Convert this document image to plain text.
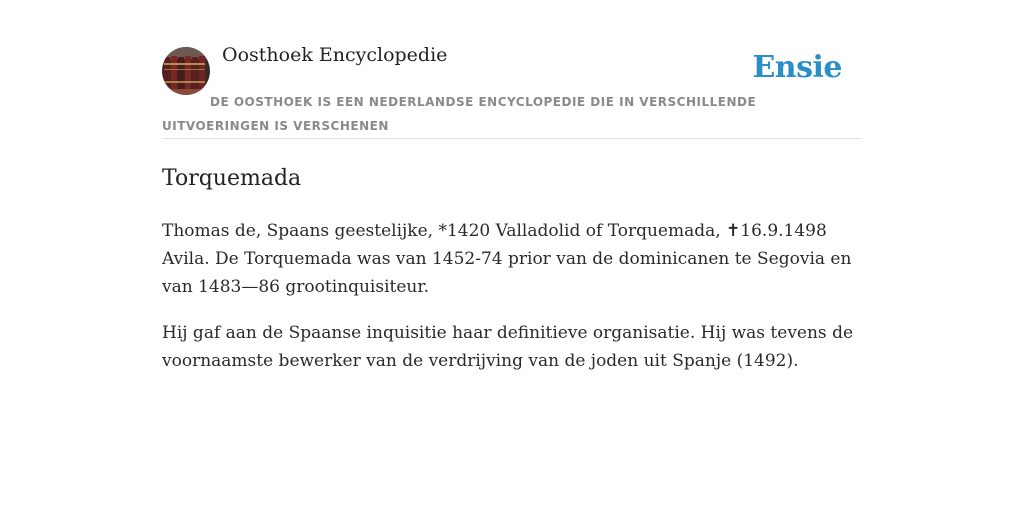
Oosthoek Encyclopedie	Ensie
DE OOSTHOEK IS EEN NEDERLANDSE ENCYCLOPEDIE DIE IN VERSCHILLENDE UITVOERINGEN IS VERSCHENEN
Torquemada

Thomas de, Spaans geestelijke, *1420 Valladolid of Torquemada, ✝16.9.1498 Avila. De Torquemada was van 1452-74 prior van de dominicanen te Segovia en van 1483—86 grootinquisiteur.

Hij gaf aan de Spaanse inquisitie haar definitieve organisatie. Hij was tevens de voornaamste bewerker van de verdrijving van de joden uit Spanje (1492).
